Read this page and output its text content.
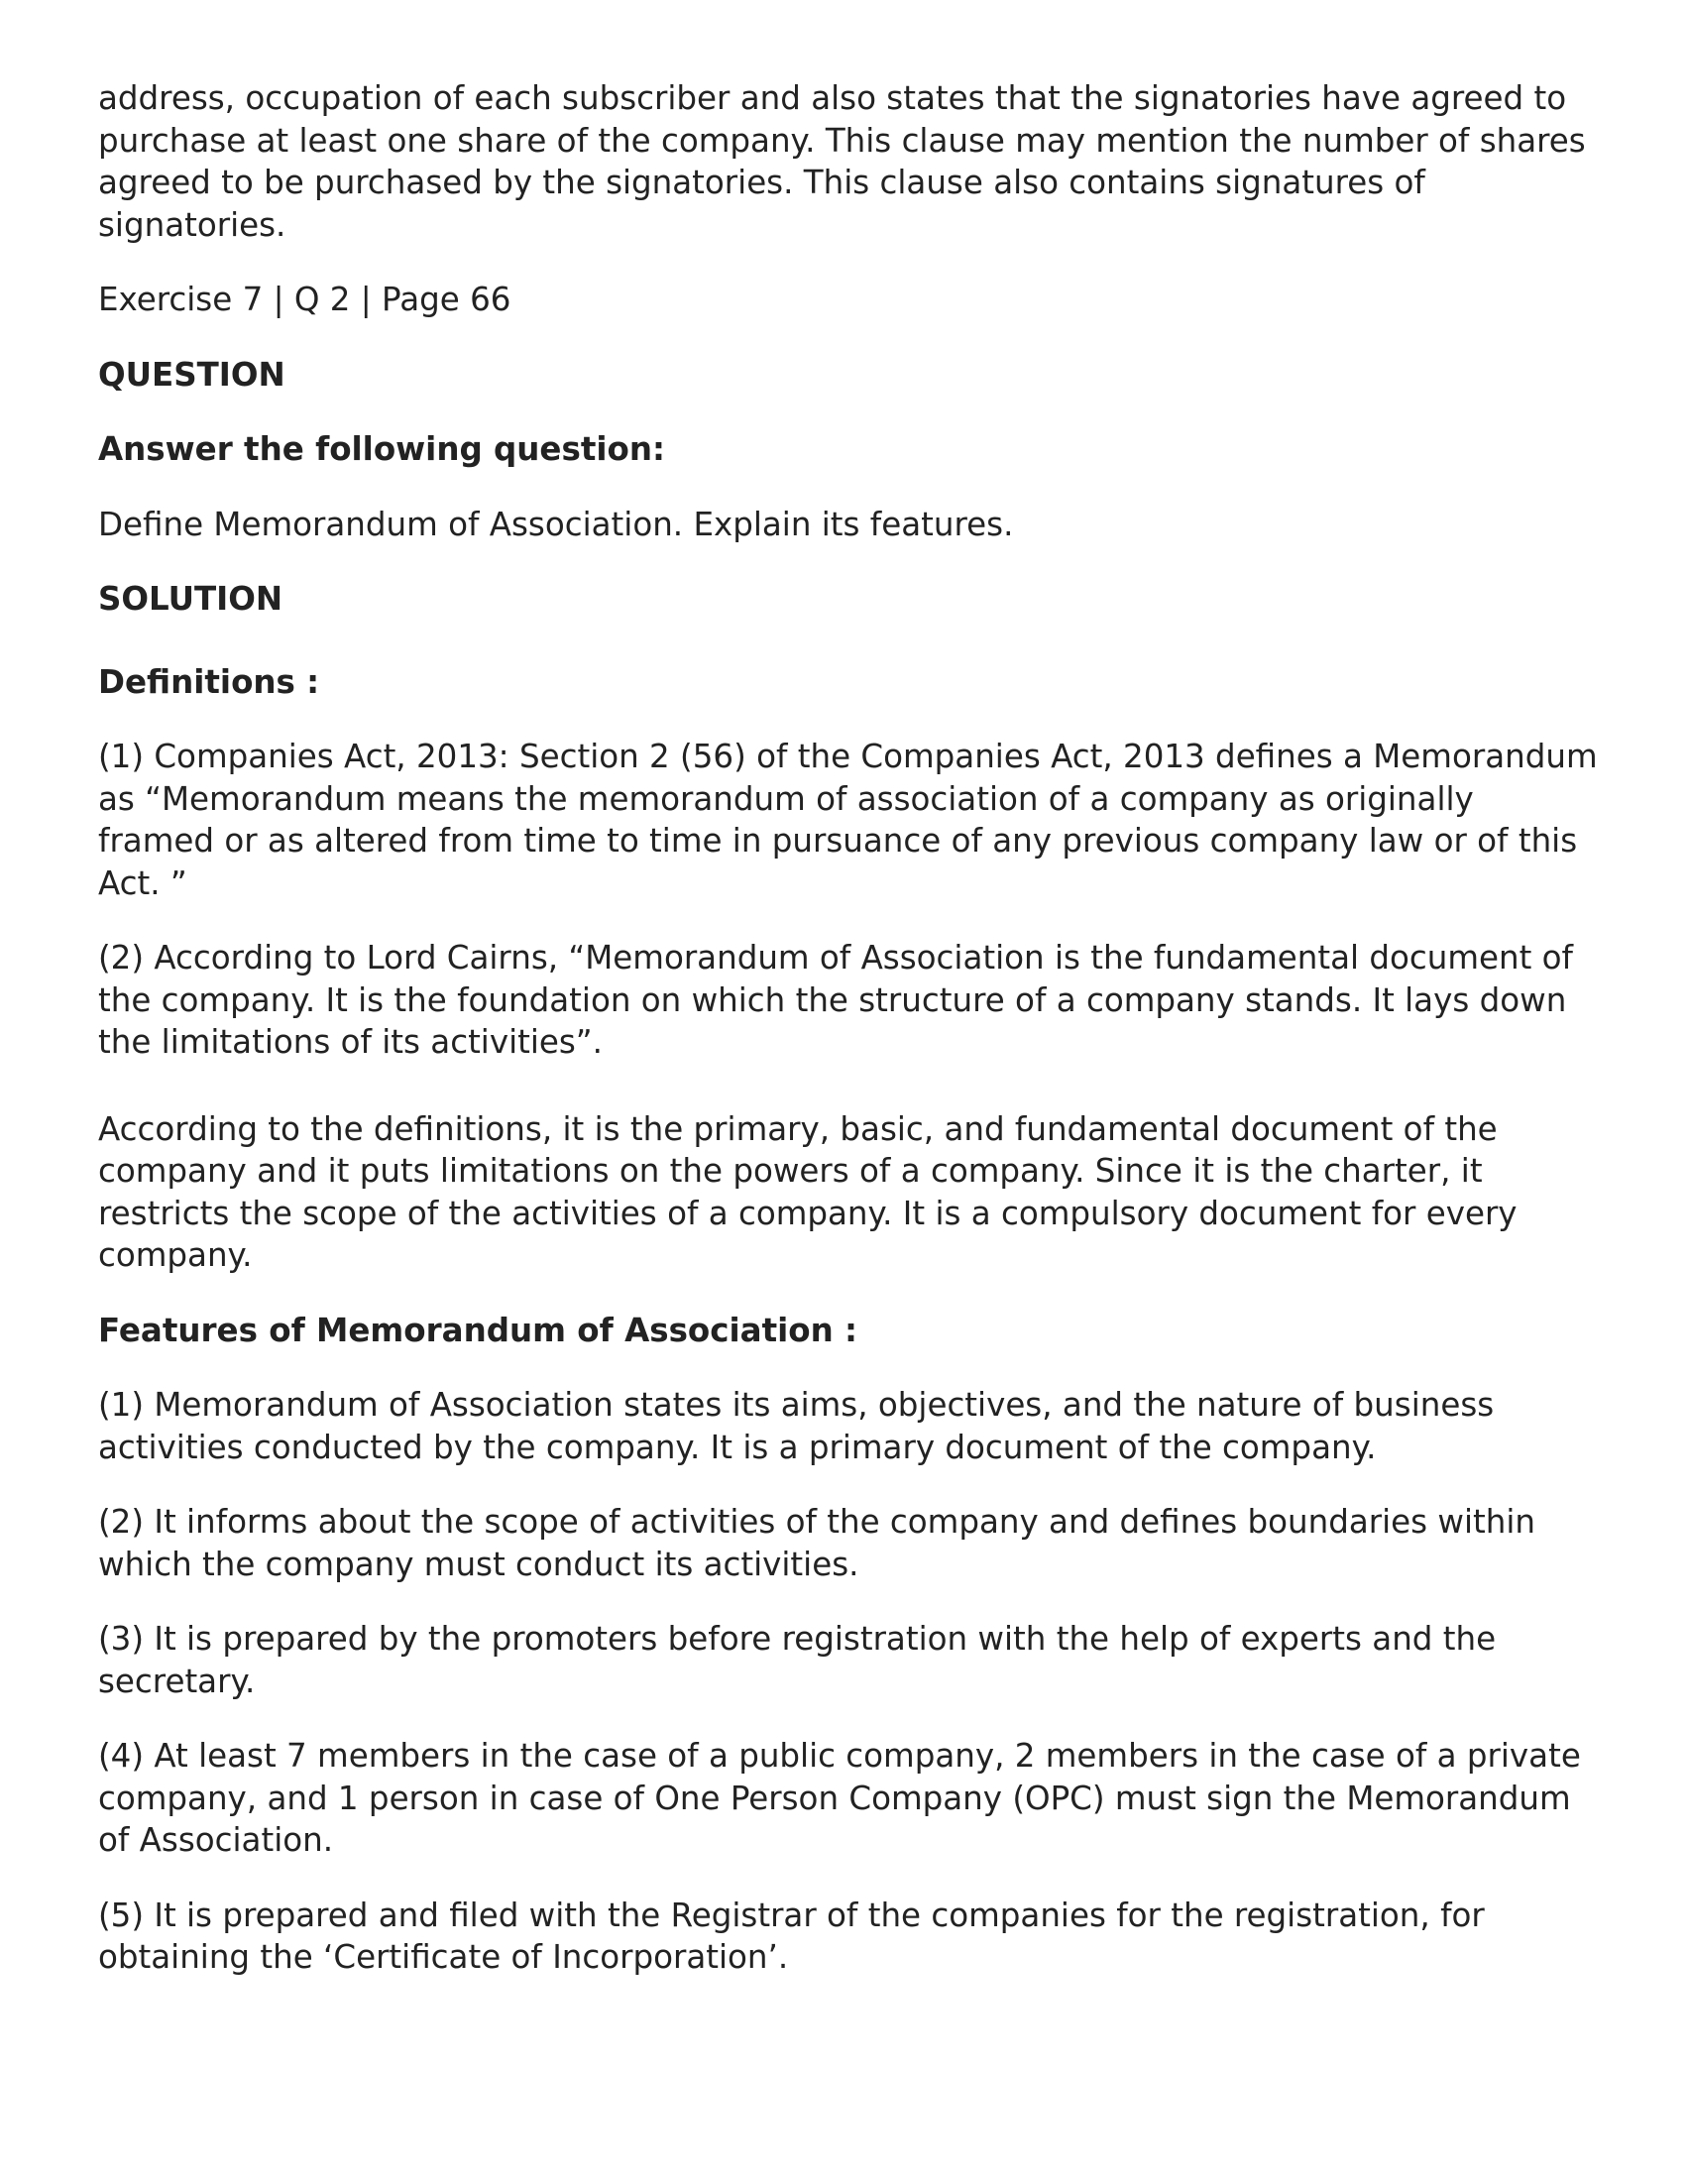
address, occupation of each subscriber and also states that the signatories have agreed to purchase at least one share of the company. This clause may mention the number of shares agreed to be purchased by the signatories. This clause also contains signatures of signatories.

Exercise 7 | Q 2 | Page 66

QUESTION

Answer the following question:

Define Memorandum of Association. Explain its features.

SOLUTION

Definitions :

(1) Companies Act, 2013: Section 2 (56) of the Companies Act, 2013 defines a Memorandum as “Memorandum means the memorandum of association of a company as originally framed or as altered from time to time in pursuance of any previous company law or of this Act. ”

(2) According to Lord Cairns, “Memorandum of Association is the fundamental document of the company. It is the foundation on which the structure of a company stands. It lays down the limitations of its activities”.

According to the definitions, it is the primary, basic, and fundamental document of the company and it puts limitations on the powers of a company. Since it is the charter, it restricts the scope of the activities of a company. It is a compulsory document for every company.

Features of Memorandum of Association :

(1) Memorandum of Association states its aims, objectives, and the nature of business activities conducted by the company. It is a primary document of the company.

(2) It informs about the scope of activities of the company and defines boundaries within which the company must conduct its activities.

(3) It is prepared by the promoters before registration with the help of experts and the secretary.

(4) At least 7 members in the case of a public company, 2 members in the case of a private company, and 1 person in case of One Person Company (OPC) must sign the Memorandum of Association.

(5) It is prepared and filed with the Registrar of the companies for the registration, for obtaining the ‘Certificate of Incorporation’.
